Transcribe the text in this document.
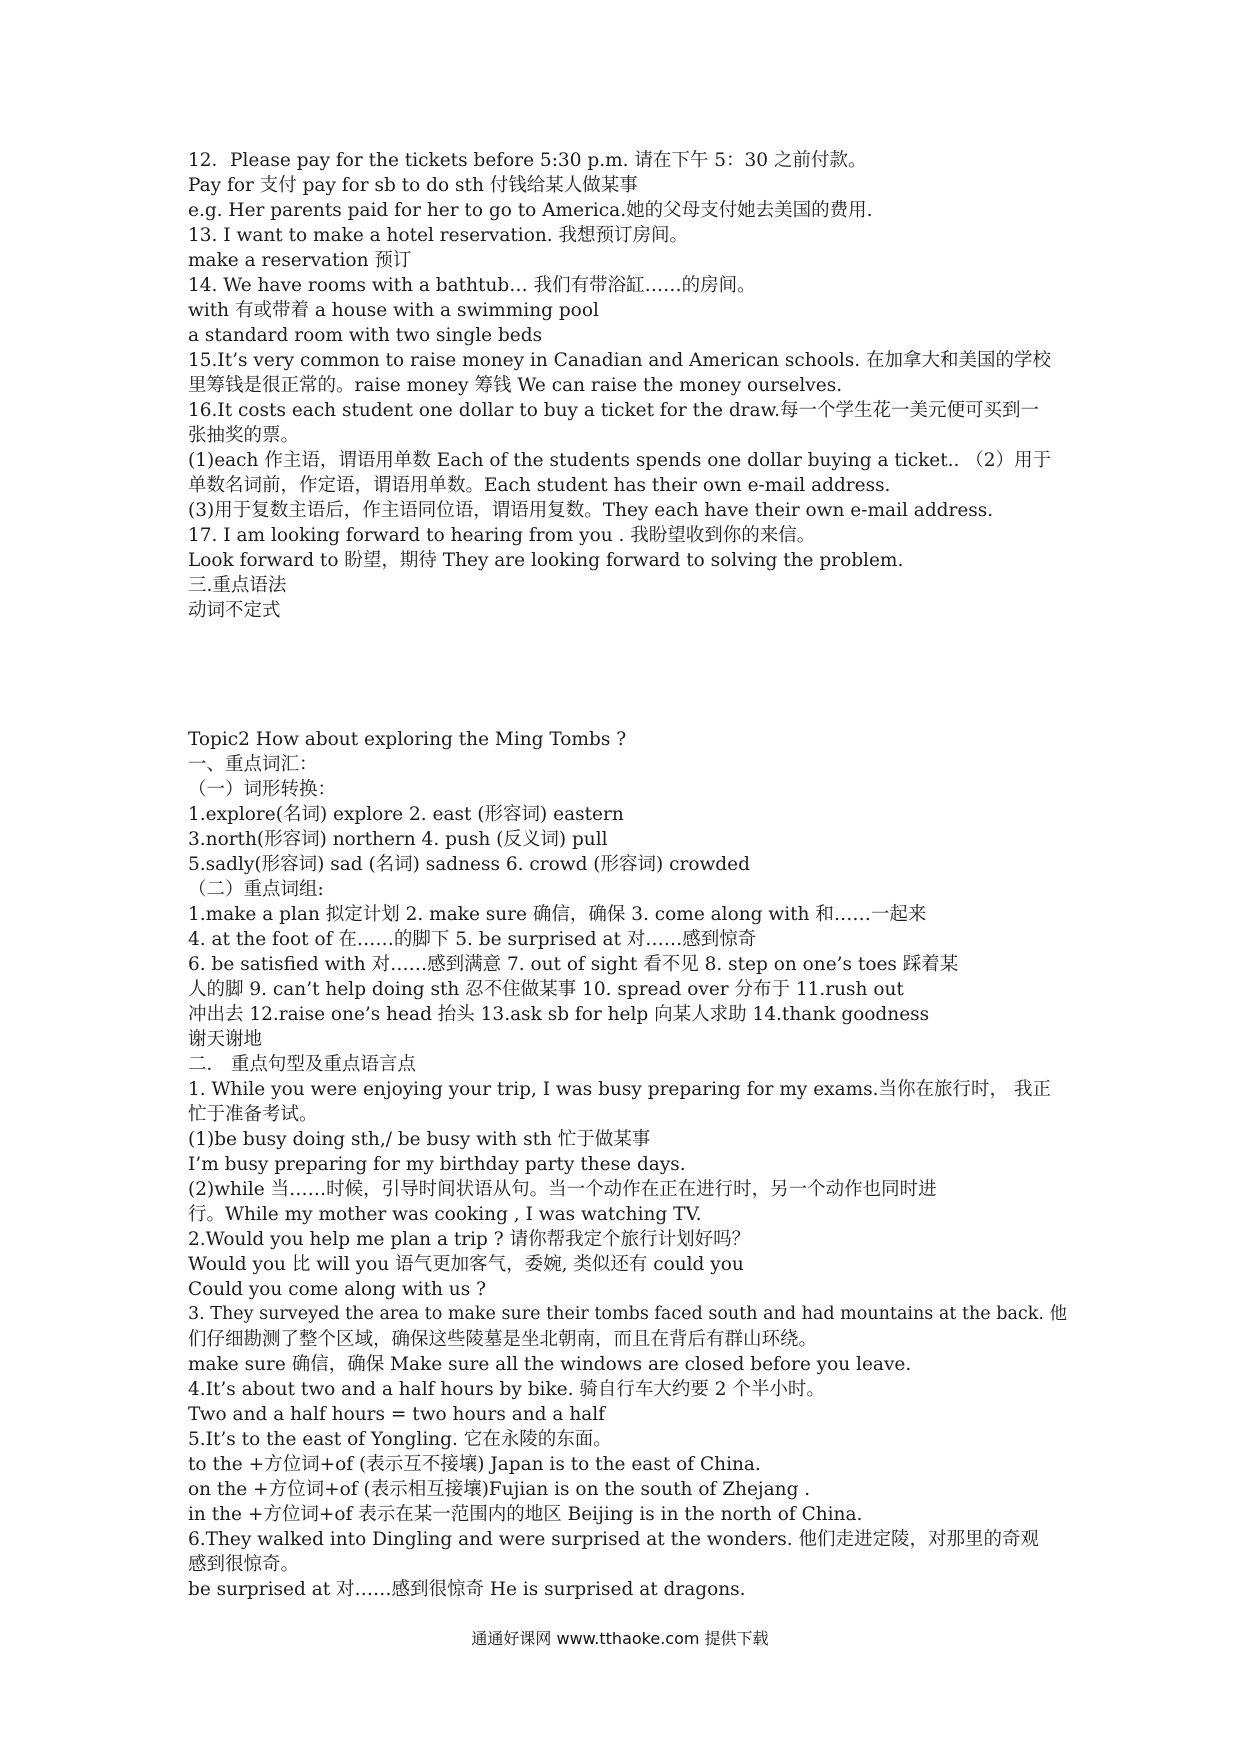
12．Please pay for the tickets before 5:30 p.m. 请在下午 5：30 之前付款。
Pay for 支付 pay for sb to do sth 付钱给某人做某事
e.g. Her parents paid for her to go to America.她的父母支付她去美国的费用.
13. I want to make a hotel reservation. 我想预订房间。
make a reservation 预订
14. We have rooms with a bathtub… 我们有带浴缸……的房间。
with 有或带着 a house with a swimming pool
a standard room with two single beds
15.It’s very common to raise money in Canadian and American schools. 在加拿大和美国的学校
里筹钱是很正常的。raise money 筹钱 We can raise the money ourselves.
16.It costs each student one dollar to buy a ticket for the draw.每一个学生花一美元便可买到一
张抽奖的票。
(1)each 作主语，谓语用单数 Each of the students spends one dollar buying a ticket.. （2）用于
单数名词前，作定语，谓语用单数。Each student has their own e-mail address.
(3)用于复数主语后，作主语同位语，谓语用复数。They each have their own e-mail address.
17. I am looking forward to hearing from you . 我盼望收到你的来信。
Look forward to 盼望，期待 They are looking forward to solving the problem.
三.重点语法
动词不定式
Topic2 How about exploring the Ming Tombs ?
一、重点词汇：
（一）词形转换：
1.explore(名词) explore 2. east (形容词) eastern
3.north(形容词) northern 4. push (反义词) pull
5.sadly(形容词) sad (名词) sadness 6. crowd (形容词) crowded
（二）重点词组:
1.make a plan 拟定计划 2. make sure 确信，确保 3. come along with 和……一起来
4. at the foot of 在……的脚下 5. be surprised at 对……感到惊奇
6. be satisfied with 对……感到满意 7. out of sight 看不见 8. step on one’s toes 踩着某
人的脚 9. can’t help doing sth 忍不住做某事 10. spread over 分布于 11.rush out
冲出去 12.raise one’s head 抬头 13.ask sb for help 向某人求助 14.thank goodness
谢天谢地
二． 重点句型及重点语言点
1. While you were enjoying your trip, I was busy preparing for my exams.当你在旅行时， 我正
忙于准备考试。
(1)be busy doing sth,/ be busy with sth 忙于做某事
I’m busy preparing for my birthday party these days.
(2)while 当……时候，引导时间状语从句。当一个动作在正在进行时，另一个动作也同时进
行。While my mother was cooking , I was watching TV.
2.Would you help me plan a trip ? 请你帮我定个旅行计划好吗？
Would you 比 will you 语气更加客气，委婉, 类似还有 could you
Could you come along with us ?
3. They surveyed the area to make sure their tombs faced south and had mountains at the back. 他
们仔细勘测了整个区域，确保这些陵墓是坐北朝南，而且在背后有群山环绕。
make sure 确信，确保 Make sure all the windows are closed before you leave.
4.It’s about two and a half hours by bike. 骑自行车大约要 2 个半小时。
Two and a half hours = two hours and a half
5.It’s to the east of Yongling. 它在永陵的东面。
to the +方位词+of (表示互不接壤) Japan is to the east of China.
on the +方位词+of (表示相互接壤)Fujian is on the south of Zhejang .
in the +方位词+of 表示在某一范围内的地区 Beijing is in the north of China.
6.They walked into Dingling and were surprised at the wonders. 他们走进定陵，对那里的奇观
感到很惊奇。
be surprised at 对……感到很惊奇 He is surprised at dragons.
通通好课网 www.tthaoke.com 提供下载
